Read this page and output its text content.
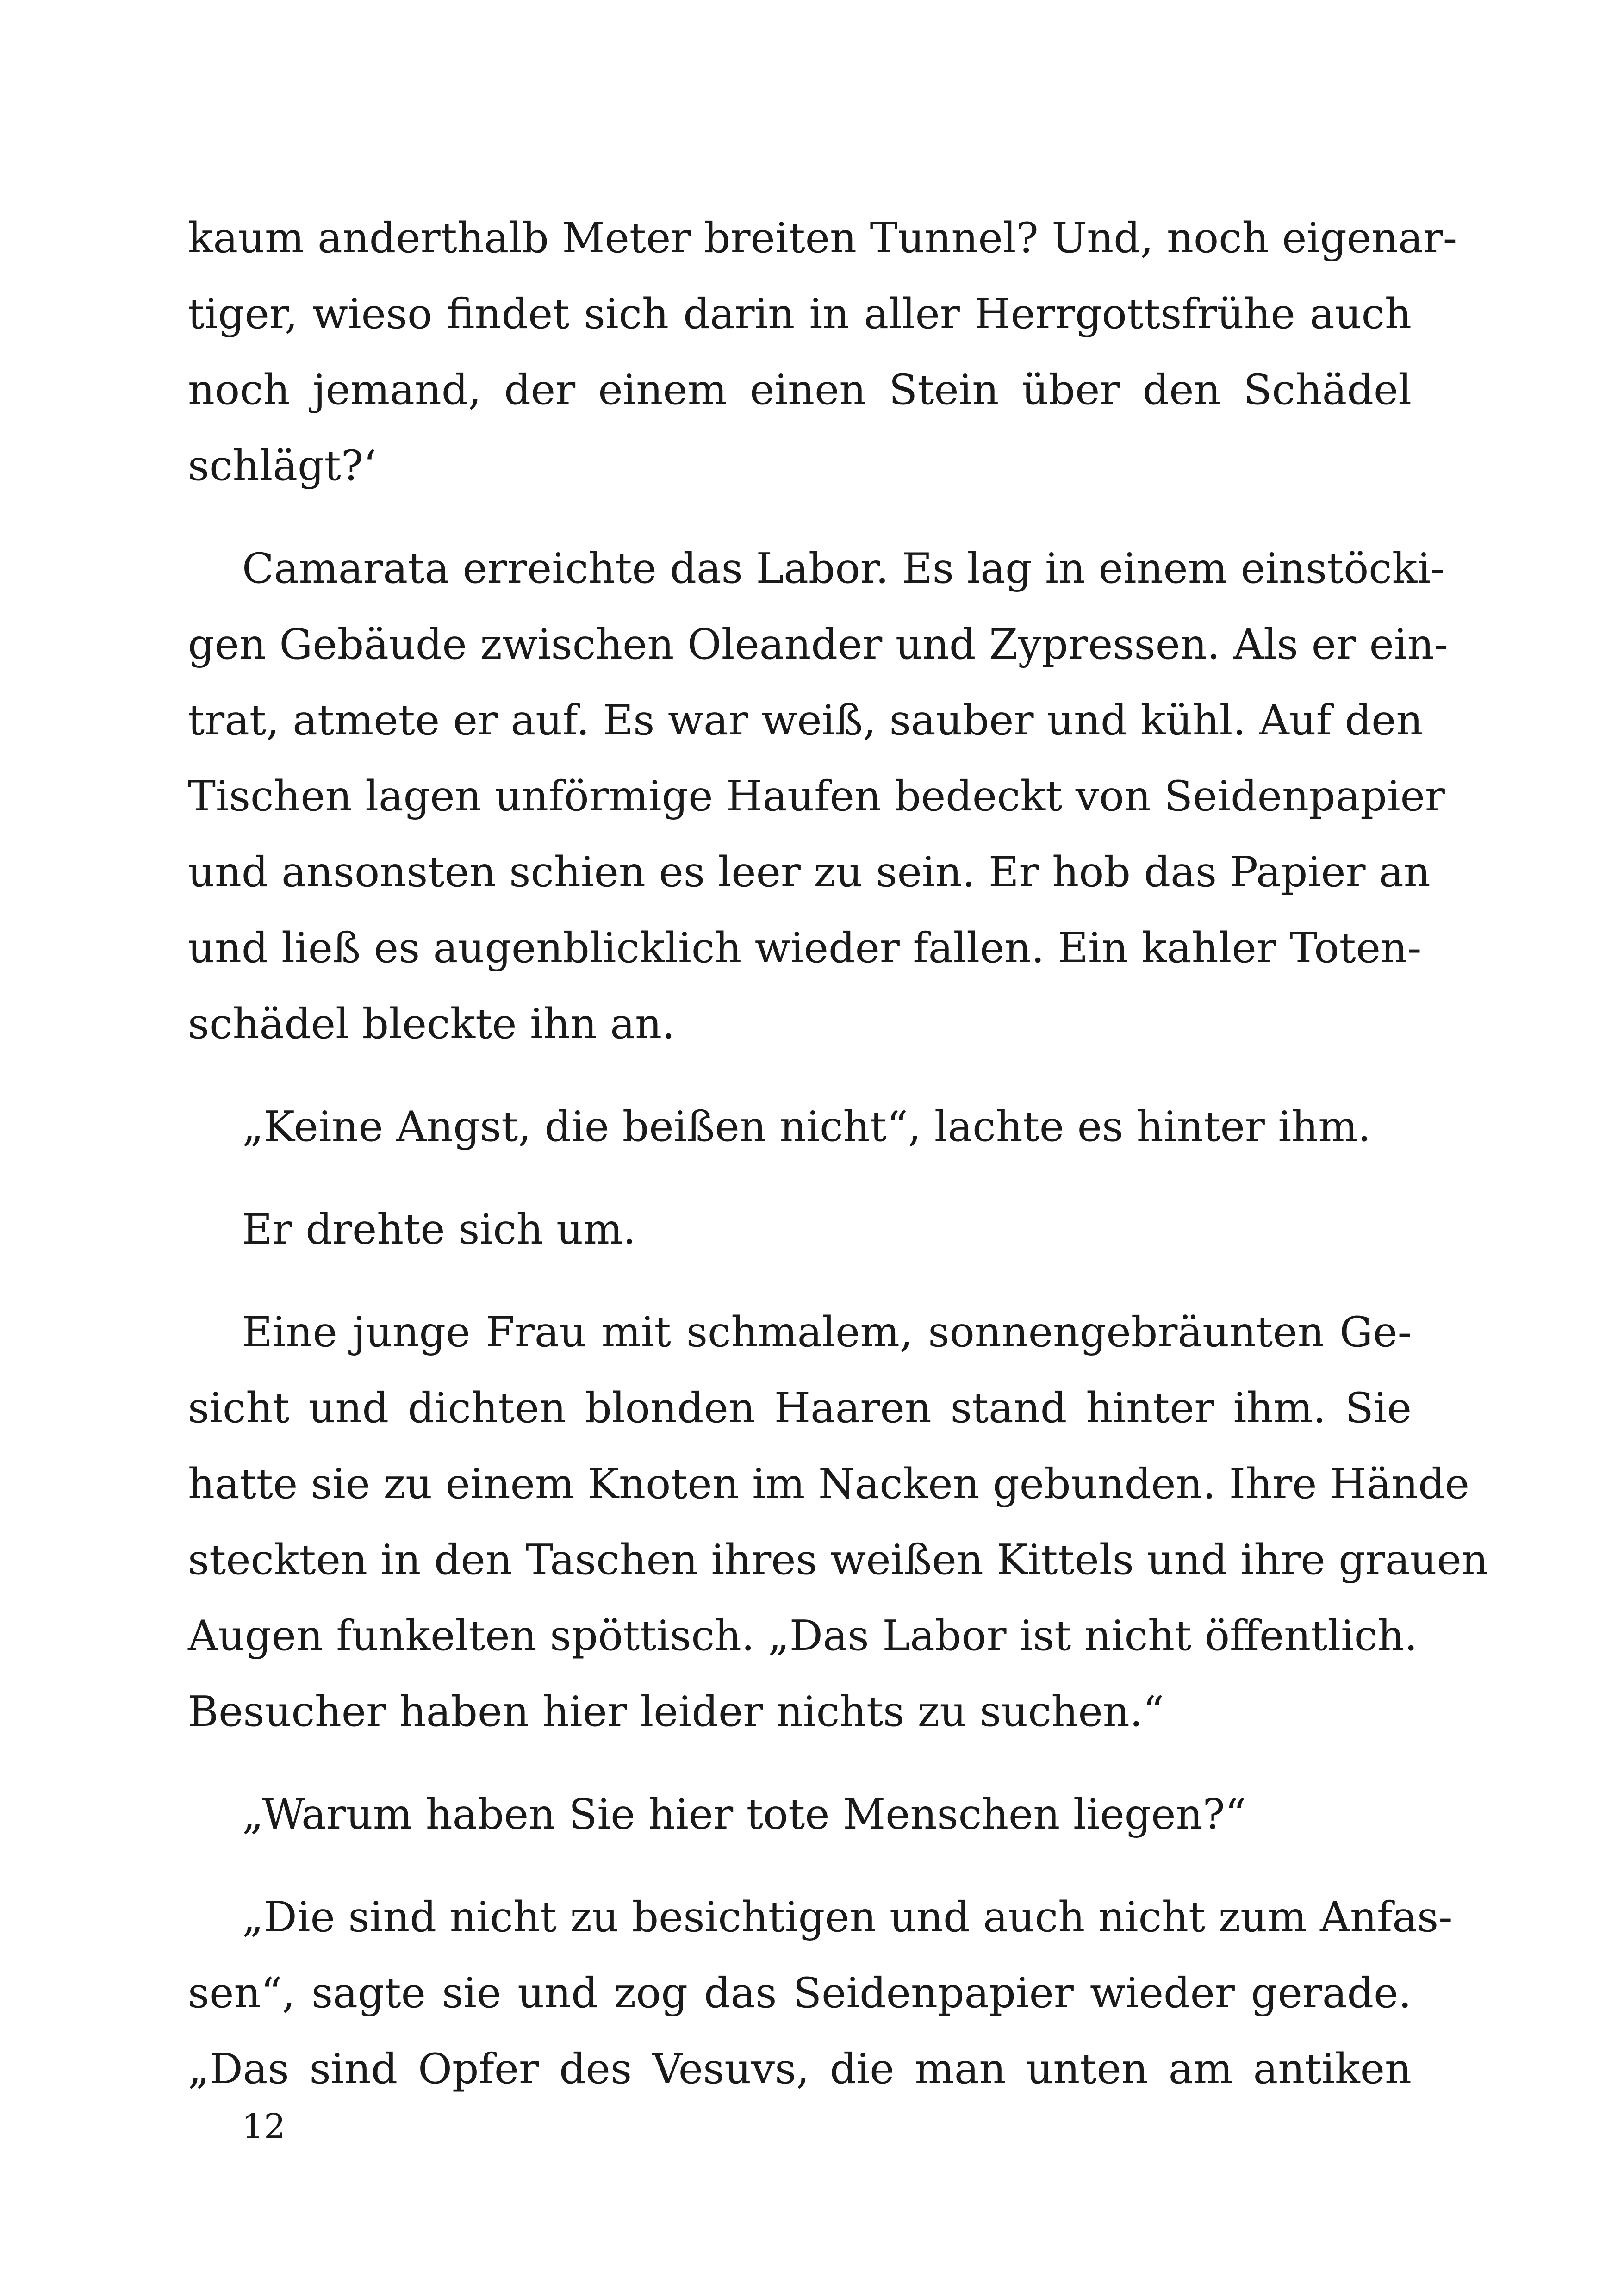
kaum anderthalb Meter breiten Tunnel? Und, noch eigenar-
tiger, wieso findet sich darin in aller Herrgottsfrühe auch
noch jemand, der einem einen Stein über den Schädel
schlägt?‘

Camarata erreichte das Labor. Es lag in einem einstöcki-
gen Gebäude zwischen Oleander und Zypressen. Als er ein-
trat, atmete er auf. Es war weiß, sauber und kühl. Auf den
Tischen lagen unförmige Haufen bedeckt von Seidenpapier
und ansonsten schien es leer zu sein. Er hob das Papier an
und ließ es augenblicklich wieder fallen. Ein kahler Toten-
schädel bleckte ihn an.

„Keine Angst, die beißen nicht“, lachte es hinter ihm.

Er drehte sich um.

Eine junge Frau mit schmalem, sonnengebräunten Ge-
sicht und dichten blonden Haaren stand hinter ihm. Sie
hatte sie zu einem Knoten im Nacken gebunden. Ihre Hände
steckten in den Taschen ihres weißen Kittels und ihre grauen
Augen funkelten spöttisch. „Das Labor ist nicht öffentlich.
Besucher haben hier leider nichts zu suchen.“

„Warum haben Sie hier tote Menschen liegen?“

„Die sind nicht zu besichtigen und auch nicht zum Anfas-
sen“, sagte sie und zog das Seidenpapier wieder gerade.
„Das sind Opfer des Vesuvs, die man unten am antiken

12
